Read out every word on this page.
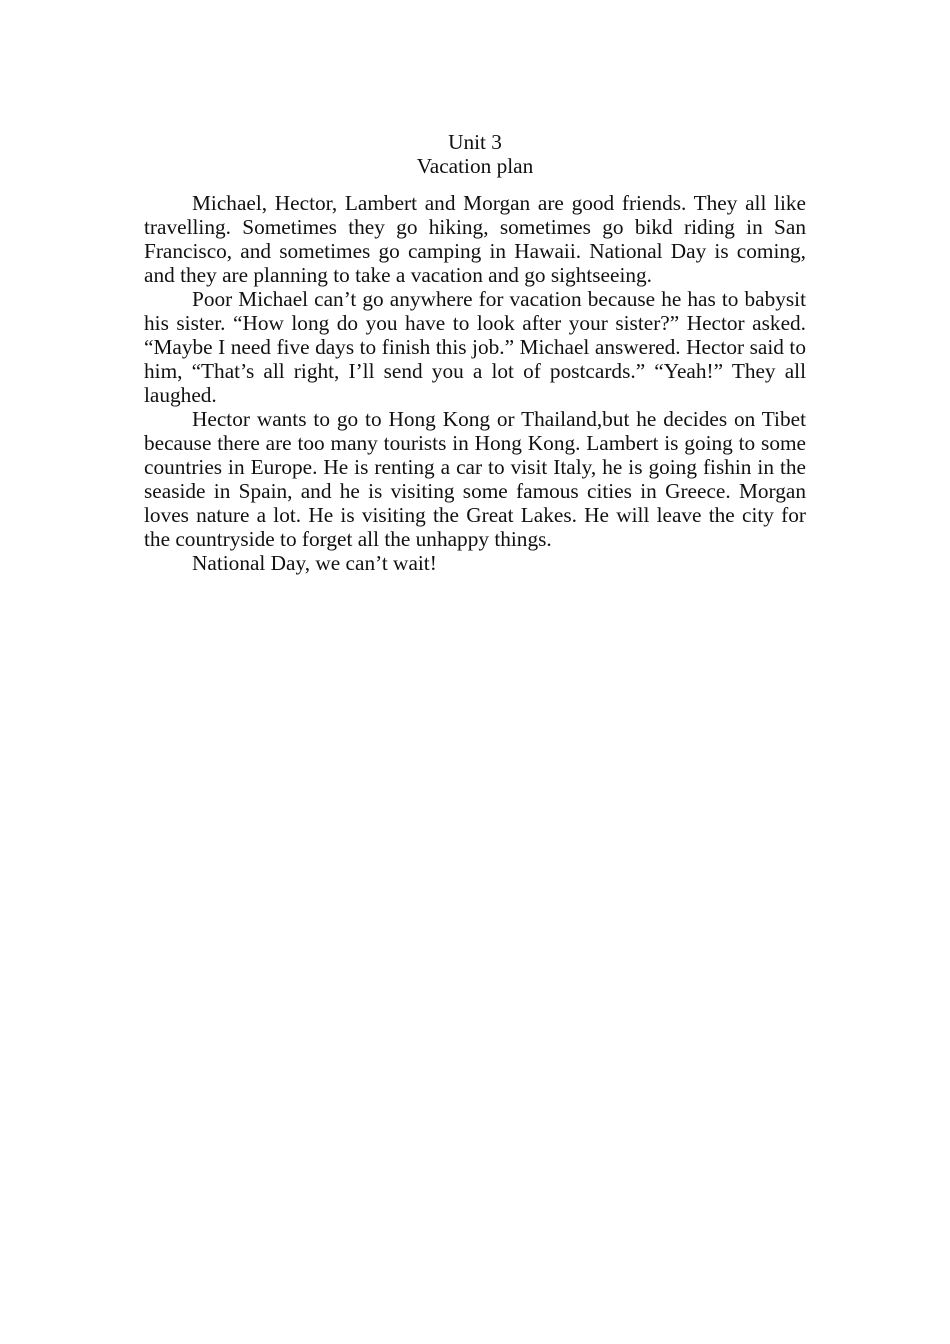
Unit 3
Vacation plan

Michael, Hector, Lambert and Morgan are good friends. They all like travelling. Sometimes they go hiking, sometimes go bikd riding in San Francisco, and sometimes go camping in Hawaii. National Day is coming, and they are planning to take a vacation and go sightseeing.

Poor Michael can’t go anywhere for vacation because he has to babysit his sister. “How long do you have to look after your sister?” Hector asked. “Maybe I need five days to finish this job.” Michael answered. Hector said to him, “That’s all right, I’ll send you a lot of postcards.” “Yeah!” They all laughed.

Hector wants to go to Hong Kong or Thailand,but he decides on Tibet because there are too many tourists in Hong Kong. Lambert is going to some countries in Europe. He is renting a car to visit Italy, he is going fishin in the seaside in Spain, and he is visiting some famous cities in Greece. Morgan loves nature a lot. He is visiting the Great Lakes. He will leave the city for the countryside to forget all the unhappy things.

National Day, we can’t wait!
